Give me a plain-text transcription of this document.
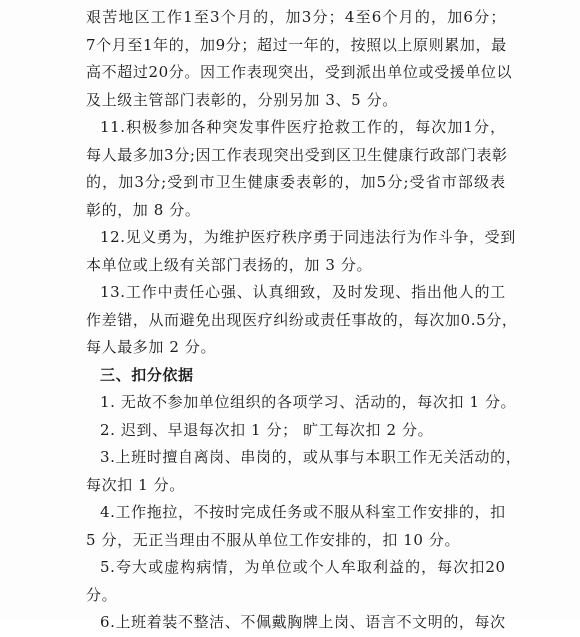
艰 苦 地 区 工 作 1 至 3 个 月 的 ， 加 3 分 ； 4 至 6 个 月 的 ， 加 6 分 ；
7 个 月 至 1 年 的 ， 加 9 分 ； 超 过 一 年 的 ， 按 照 以 上 原 则 累 加 ， 最
高 不 超 过 20 分 。 因 工 作 表 现 突 出 ， 受 到 派 出 单 位 或 受 援 单 位 以
及上级主管部门表彰的，分别另加 3、5 分。
11. 积 极 参 加 各 种 突 发 事 件 医 疗 抢 救 工 作 的 ， 每 次 加 1 分 ，
每 人 最 多 加 3 分 ; 因 工 作 表 现 突 出 受 到 区 卫 生 健 康 行 政 部 门 表 彰
的 ， 加 3 分 ; 受 到 市 卫 生 健 康 委 表 彰 的 ， 加 5 分 ; 受 省 市 部 级 表
彰的，加 8 分。
12. 见 义 勇 为 ， 为 维 护 医 疗 秩 序 勇 于 同 违 法 行 为 作 斗 争 ， 受 到
本单位或上级有关部门表扬的，加 3 分。
13. 工 作 中 责 任 心 强 、 认 真 细 致 ， 及 时 发 现 、 指 出 他 人 的 工
作 差 错 ， 从 而 避 免 出 现 医 疗 纠 纷 或 责 任 事 故 的 ， 每 次 加 0.5 分 ，
每人最多加 2 分。
三、扣分依据
1. 无故不参加单位组织的各项学习、活动的，每次扣 1 分。
2. 迟到、早退每次扣 1 分； 旷工每次扣 2 分。
3. 上 班 时 擅 自 离 岗 、 串 岗 的 ， 或 从 事 与 本 职 工 作 无 关 活 动 的 ，
每次扣 1 分。
4. 工 作 拖 拉 ， 不 按 时 完 成 任 务 或 不 服 从 科 室 工 作 安 排 的 ， 扣
5 分，无正当理由不服从单位工作安排的，扣 10 分。
5. 夸 大 或 虚 构 病 情 ， 为 单 位 或 个 人 牟 取 利 益 的 ， 每 次 扣 20
分。
6. 上 班 着 装 不 整 洁 、 不 佩 戴 胸 牌 上 岗 、 语 言 不 文 明 的 ， 每 次
